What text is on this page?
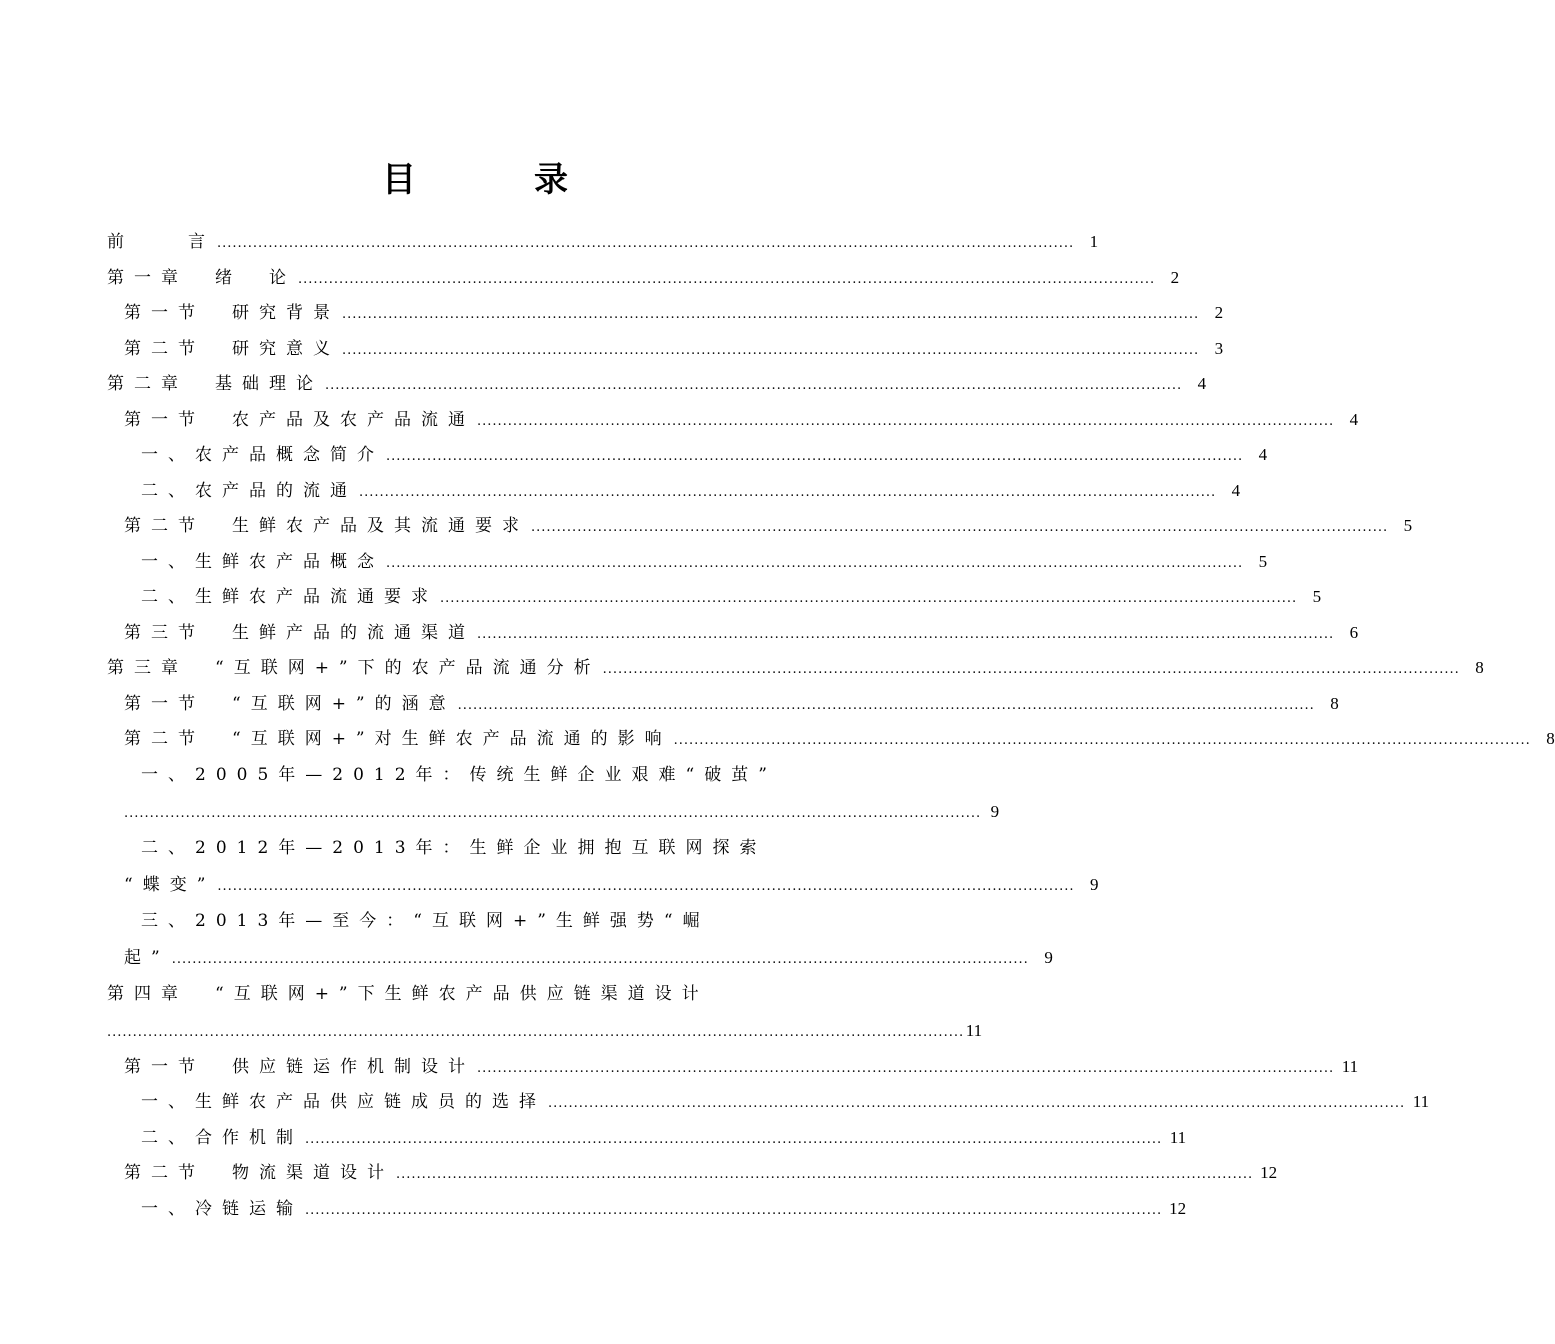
目　录
前　　言 ....................................................................................................................................................................... 1
第一章　绪　论 ....................................................................................................................................................................... 2
第一节　研究背景 ....................................................................................................................................................................... 2
第二节　研究意义 ....................................................................................................................................................................... 3
第二章　基础理论 ....................................................................................................................................................................... 4
第一节　农产品及农产品流通 ....................................................................................................................................................................... 4
一、农产品概念简介 ....................................................................................................................................................................... 4
二、农产品的流通 ....................................................................................................................................................................... 4
第二节　生鲜农产品及其流通要求 ....................................................................................................................................................................... 5
一、生鲜农产品概念 ....................................................................................................................................................................... 5
二、生鲜农产品流通要求 ....................................................................................................................................................................... 5
第三节　生鲜产品的流通渠道 ....................................................................................................................................................................... 6
第三章　“互联网+”下的农产品流通分析 ....................................................................................................................................................................... 8
第一节　“互联网+”的涵意 ....................................................................................................................................................................... 8
第二节　“互联网+”对生鲜农产品流通的影响 ....................................................................................................................................................................... 8
一、2005年—2012年：传统生鲜企业艰难“破茧”
....................................................................................................................................................................... 9
二、2012年—2013年：生鲜企业拥抱互联网探索
“蝶变” ....................................................................................................................................................................... 9
三、2013年—至今：“互联网+”生鲜强势“崛
起” ....................................................................................................................................................................... 9
第四章　“互联网+”下生鲜农产品供应链渠道设计
....................................................................................................................................................................... 11
第一节　供应链运作机制设计 ....................................................................................................................................................................... 11
一、生鲜农产品供应链成员的选择 ....................................................................................................................................................................... 11
二、合作机制 ....................................................................................................................................................................... 11
第二节　物流渠道设计 ....................................................................................................................................................................... 12
一、冷链运输 ....................................................................................................................................................................... 12
